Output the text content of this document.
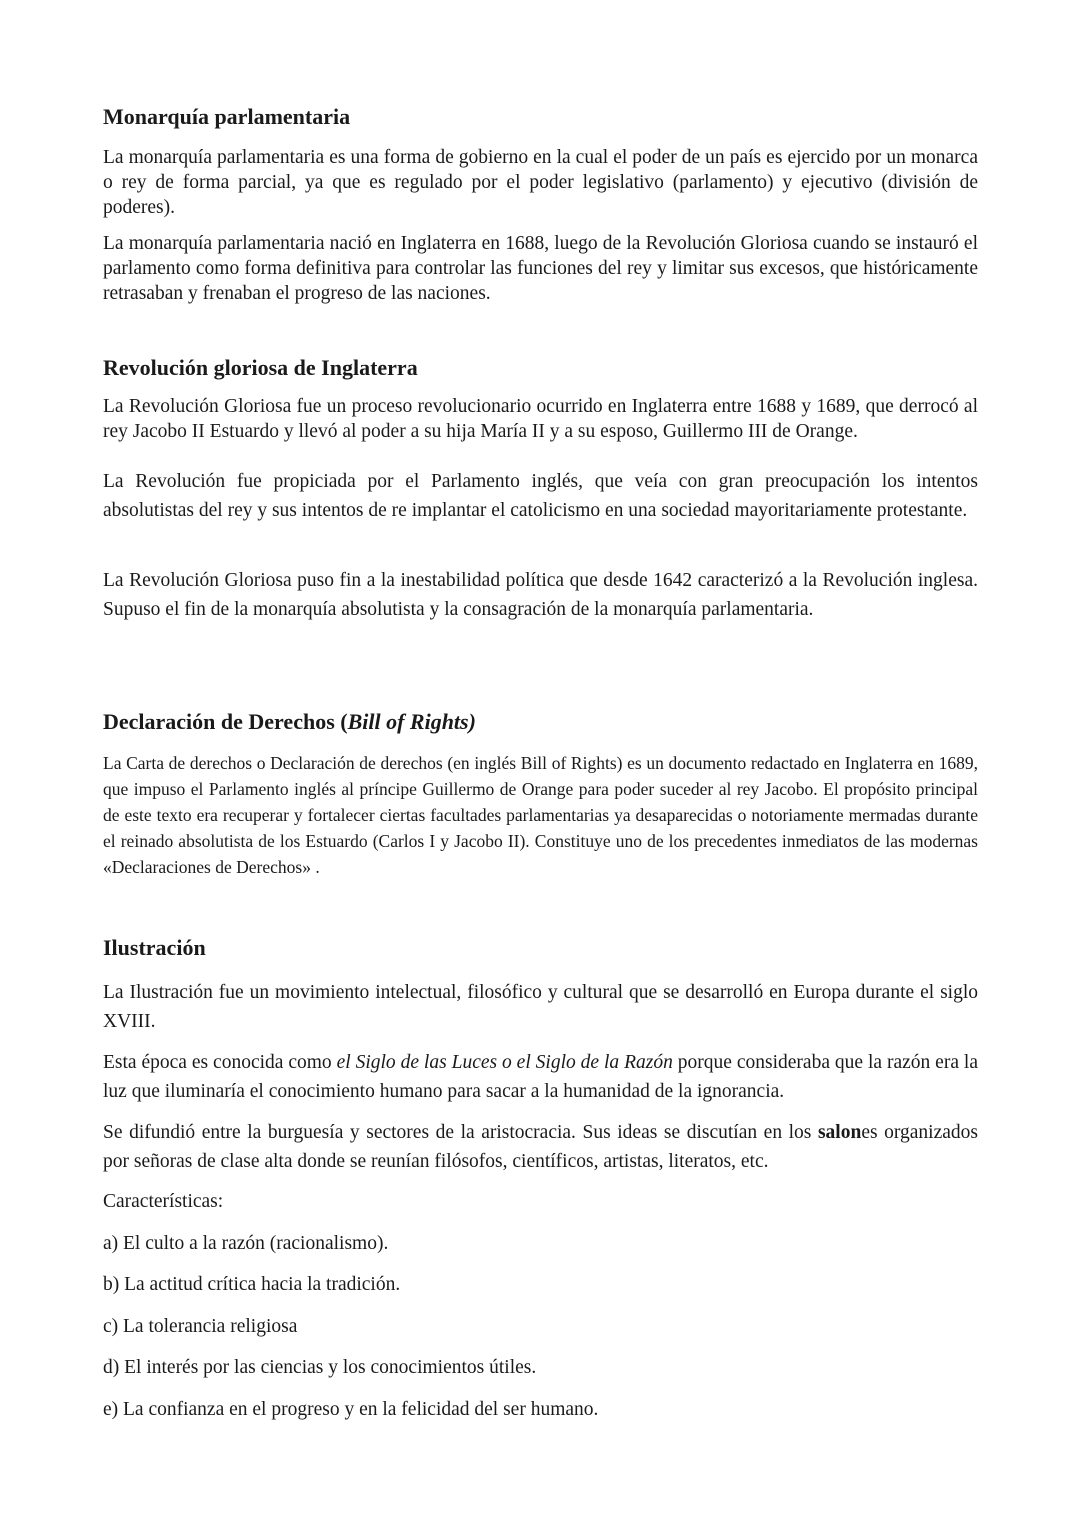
Monarquía parlamentaria

La monarquía parlamentaria es una forma de gobierno en la cual el poder de un país es ejercido por un monarca o rey de forma parcial, ya que es regulado por el poder legislativo (parlamento) y ejecutivo (división de poderes).

La monarquía parlamentaria nació en Inglaterra en 1688, luego de la Revolución Gloriosa cuando se instauró el parlamento como forma definitiva para controlar las funciones del rey y limitar sus excesos, que históricamente retrasaban y frenaban el progreso de las naciones.

Revolución gloriosa de Inglaterra

La Revolución Gloriosa fue un proceso revolucionario ocurrido en Inglaterra entre 1688 y 1689, que derrocó al rey Jacobo II Estuardo y llevó al poder a su hija María II y a su esposo, Guillermo III de Orange.

La Revolución fue propiciada por el Parlamento inglés, que veía con gran preocupación los intentos absolutistas del rey y sus intentos de re implantar el catolicismo en una sociedad mayoritariamente protestante.

La Revolución Gloriosa puso fin a la inestabilidad política que desde 1642 caracterizó a la Revolución inglesa. Supuso el fin de la monarquía absolutista y la consagración de la monarquía parlamentaria.

Declaración de Derechos (Bill of Rights)

La Carta de derechos o Declaración de derechos (en inglés Bill of Rights) es un documento redactado en Inglaterra en 1689, que impuso el Parlamento inglés al príncipe Guillermo de Orange para poder suceder al rey Jacobo. El propósito principal de este texto era recuperar y fortalecer ciertas facultades parlamentarias ya desaparecidas o notoriamente mermadas durante el reinado absolutista de los Estuardo (Carlos I y Jacobo II). Constituye uno de los precedentes inmediatos de las modernas «Declaraciones de Derechos» .

Ilustración

La Ilustración fue un movimiento intelectual, filosófico y cultural que se desarrolló en Europa durante el siglo XVIII.

Esta época es conocida como el Siglo de las Luces o el Siglo de la Razón porque consideraba que la razón era la luz que iluminaría el conocimiento humano para sacar a la humanidad de la ignorancia.

Se difundió entre la burguesía y sectores de la aristocracia. Sus ideas se discutían en los salones organizados por señoras de clase alta donde se reunían filósofos, científicos, artistas, literatos, etc.

Características:

a) El culto a la razón (racionalismo).

b) La actitud crítica hacia la tradición.

c) La tolerancia religiosa

d) El interés por las ciencias y los conocimientos útiles.

e) La confianza en el progreso y en la felicidad del ser humano.
